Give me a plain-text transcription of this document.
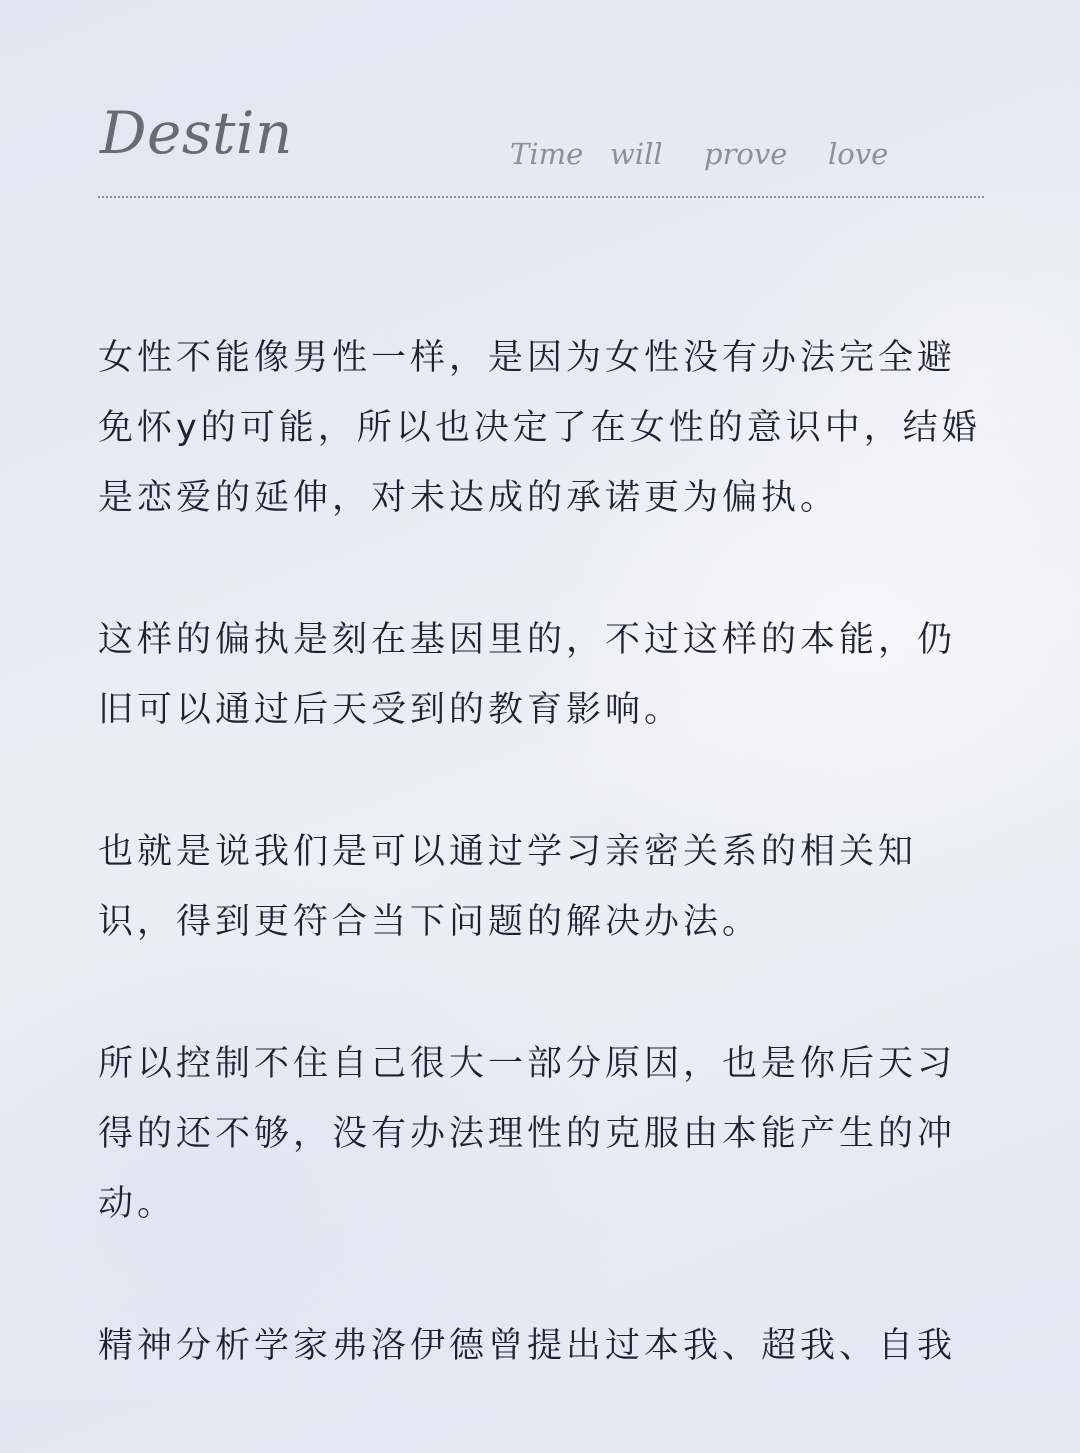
Destin	Time will prove love

女性不能像男性一样，是因为女性没有办法完全避
免怀y的可能，所以也决定了在女性的意识中，结婚
是恋爱的延伸，对未达成的承诺更为偏执。

这样的偏执是刻在基因里的，不过这样的本能，仍
旧可以通过后天受到的教育影响。

也就是说我们是可以通过学习亲密关系的相关知
识，得到更符合当下问题的解决办法。

所以控制不住自己很大一部分原因，也是你后天习
得的还不够，没有办法理性的克服由本能产生的冲
动。

精神分析学家弗洛伊德曾提出过本我、超我、自我
